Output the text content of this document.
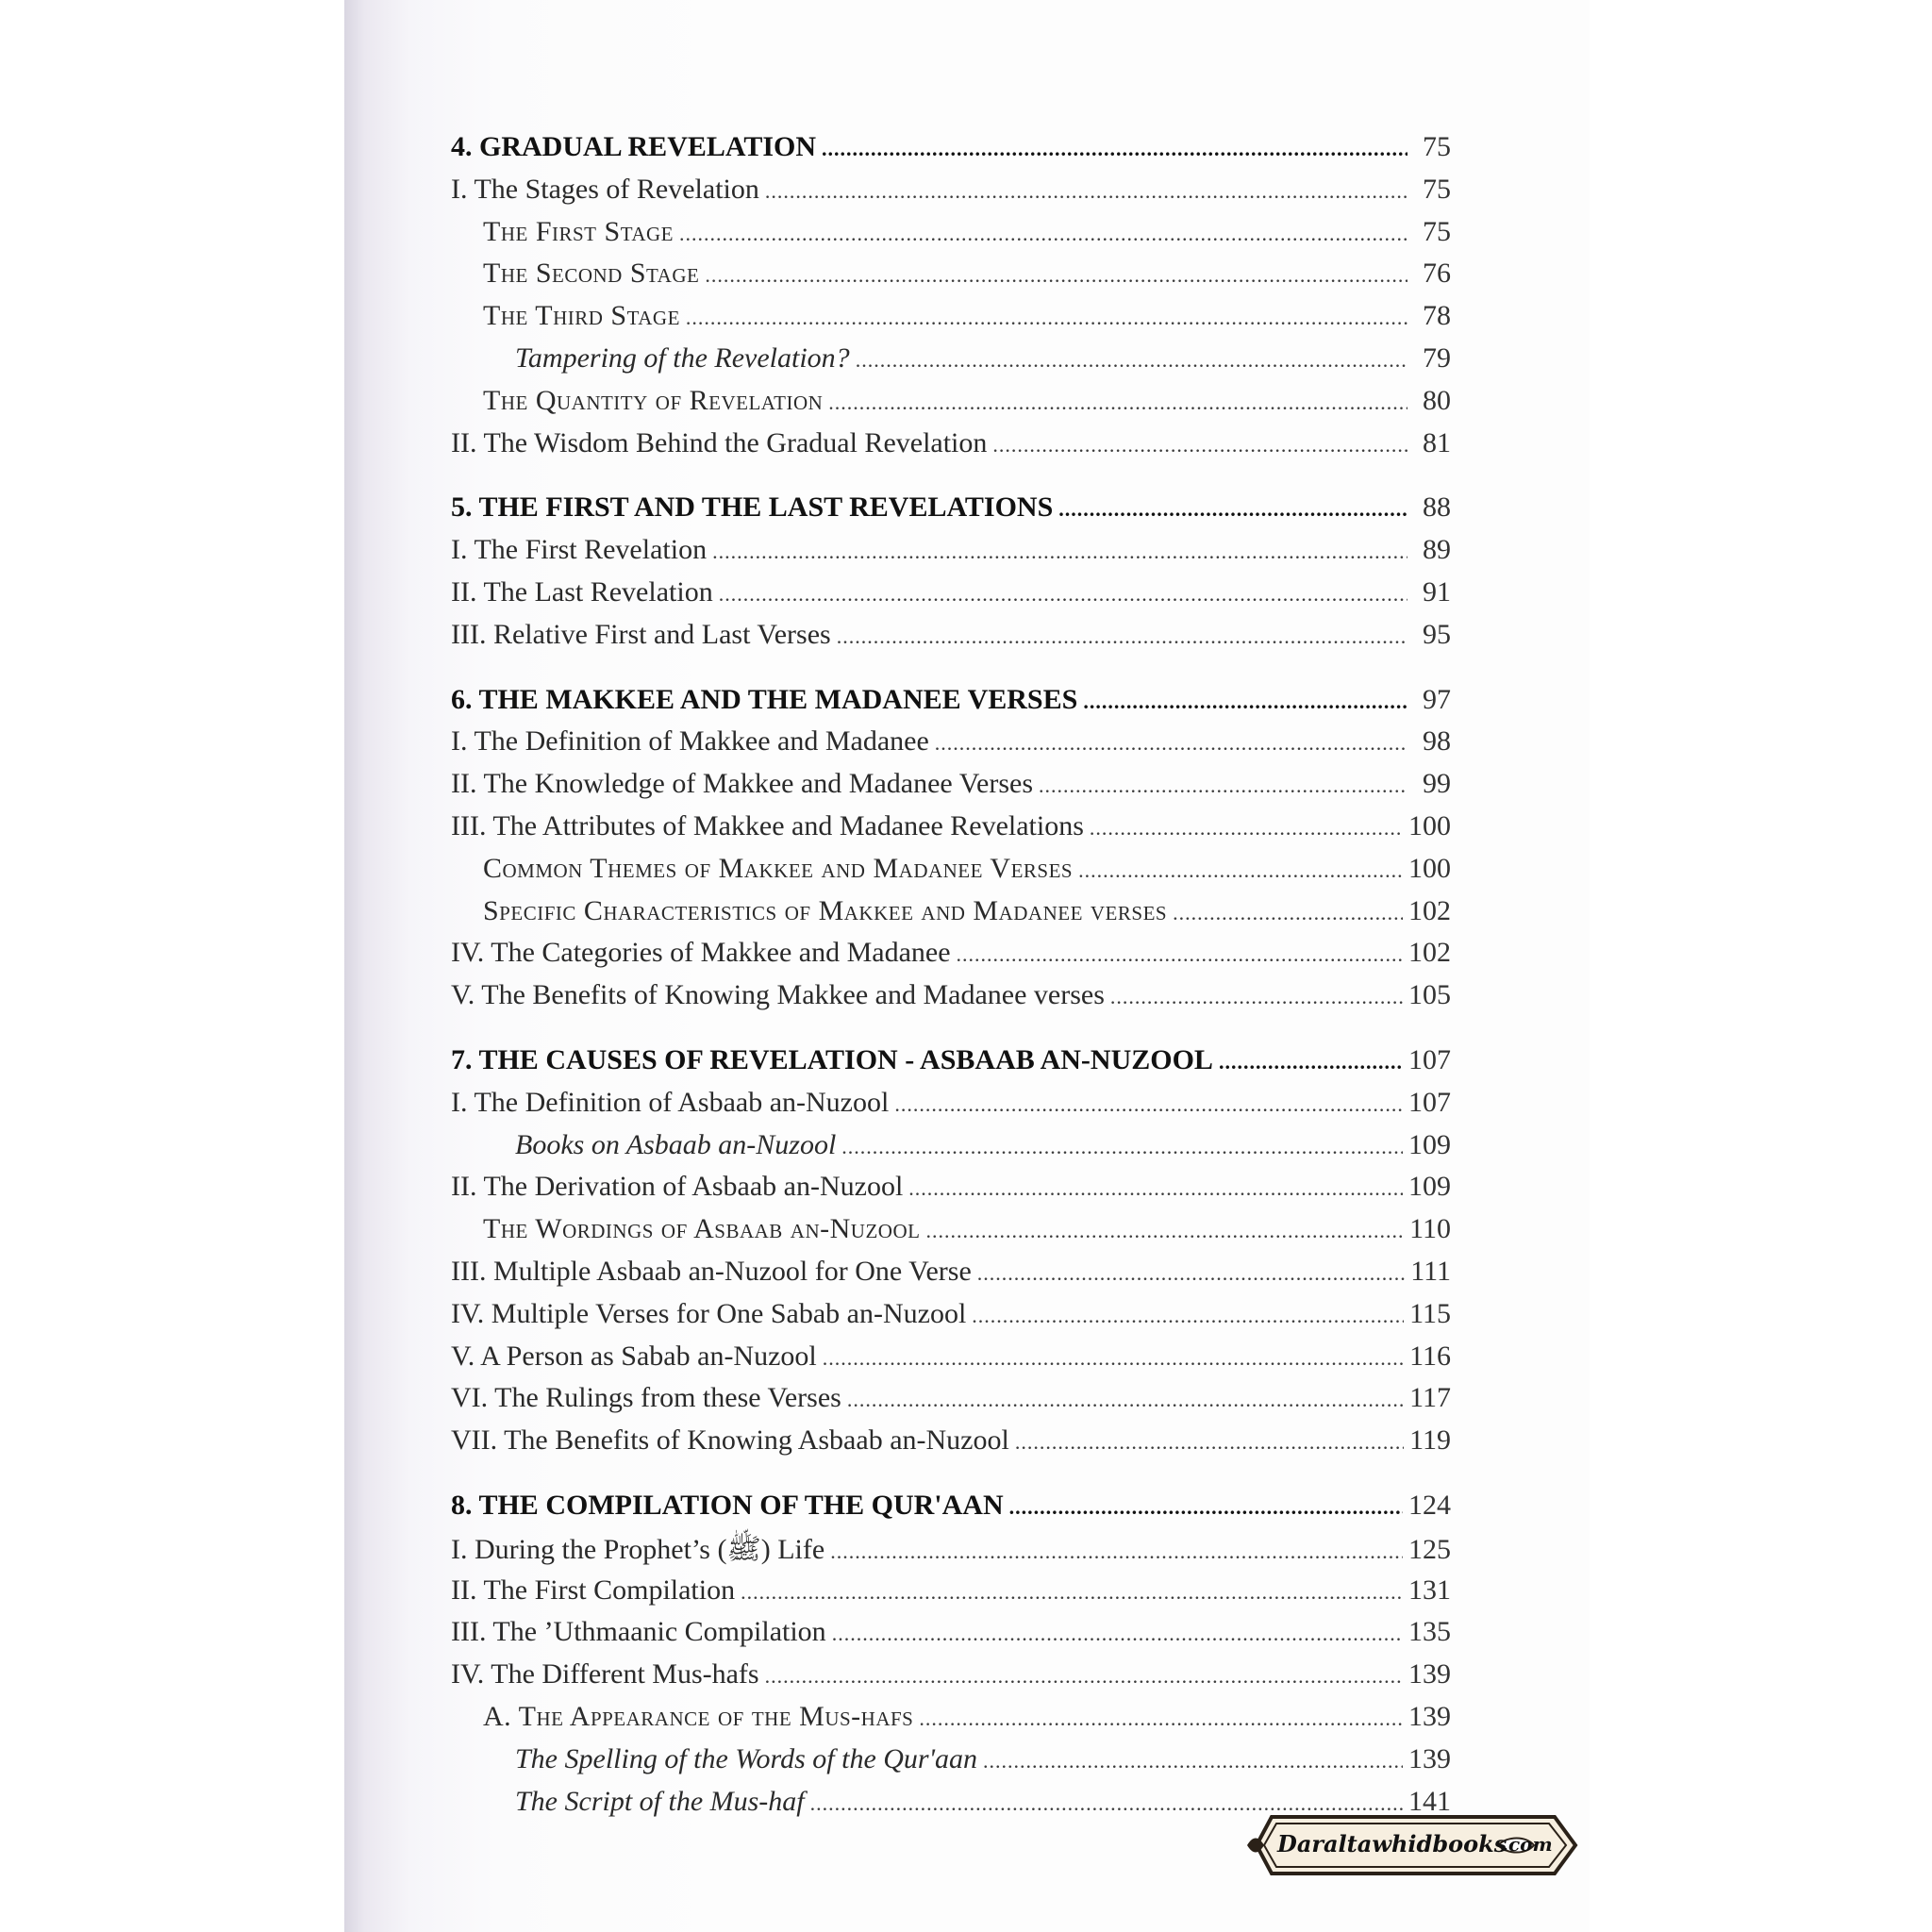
4. GRADUAL REVELATION .....	75
I. The Stages of Revelation .....	75
The First Stage .....	75
The Second Stage .....	76
The Third Stage .....	78
Tampering of the Revelation? .....	79
The Quantity of Revelation .....	80
II. The Wisdom Behind the Gradual Revelation .....	81
5. THE FIRST AND THE LAST REVELATIONS .....	88
I. The First Revelation .....	89
II. The Last Revelation .....	91
III. Relative First and Last Verses .....	95
6. THE MAKKEE AND THE MADANEE VERSES .....	97
I. The Definition of Makkee and Madanee .....	98
II. The Knowledge of Makkee and Madanee Verses .....	99
III. The Attributes of Makkee and Madanee Revelations .....	100
Common Themes of Makkee and Madanee Verses .....	100
Specific Characteristics of Makkee and Madanee verses .....	102
IV. The Categories of Makkee and Madanee .....	102
V. The Benefits of Knowing Makkee and Madanee verses .....	105
7. THE CAUSES OF REVELATION - ASBAAB AN-NUZOOL .....	107
I. The Definition of Asbaab an-Nuzool .....	107
Books on Asbaab an-Nuzool .....	109
II. The Derivation of Asbaab an-Nuzool .....	109
The Wordings of Asbaab an-Nuzool .....	110
III. Multiple Asbaab an-Nuzool for One Verse .....	111
IV. Multiple Verses for One Sabab an-Nuzool .....	115
V. A Person as Sabab an-Nuzool .....	116
VI. The Rulings from these Verses .....	117
VII. The Benefits of Knowing Asbaab an-Nuzool .....	119
8. THE COMPILATION OF THE QUR'AAN .....	124
I. During the Prophet’s (ﷺ) Life .....	125
II. The First Compilation .....	131
III. The ’Uthmaanic Compilation .....	135
IV. The Different Mus-hafs .....	139
A. The Appearance of the Mus-hafs .....	139
The Spelling of the Words of the Qur'aan .....	139
The Script of the Mus-haf .....	141
Daraltawhidbooks
.com
